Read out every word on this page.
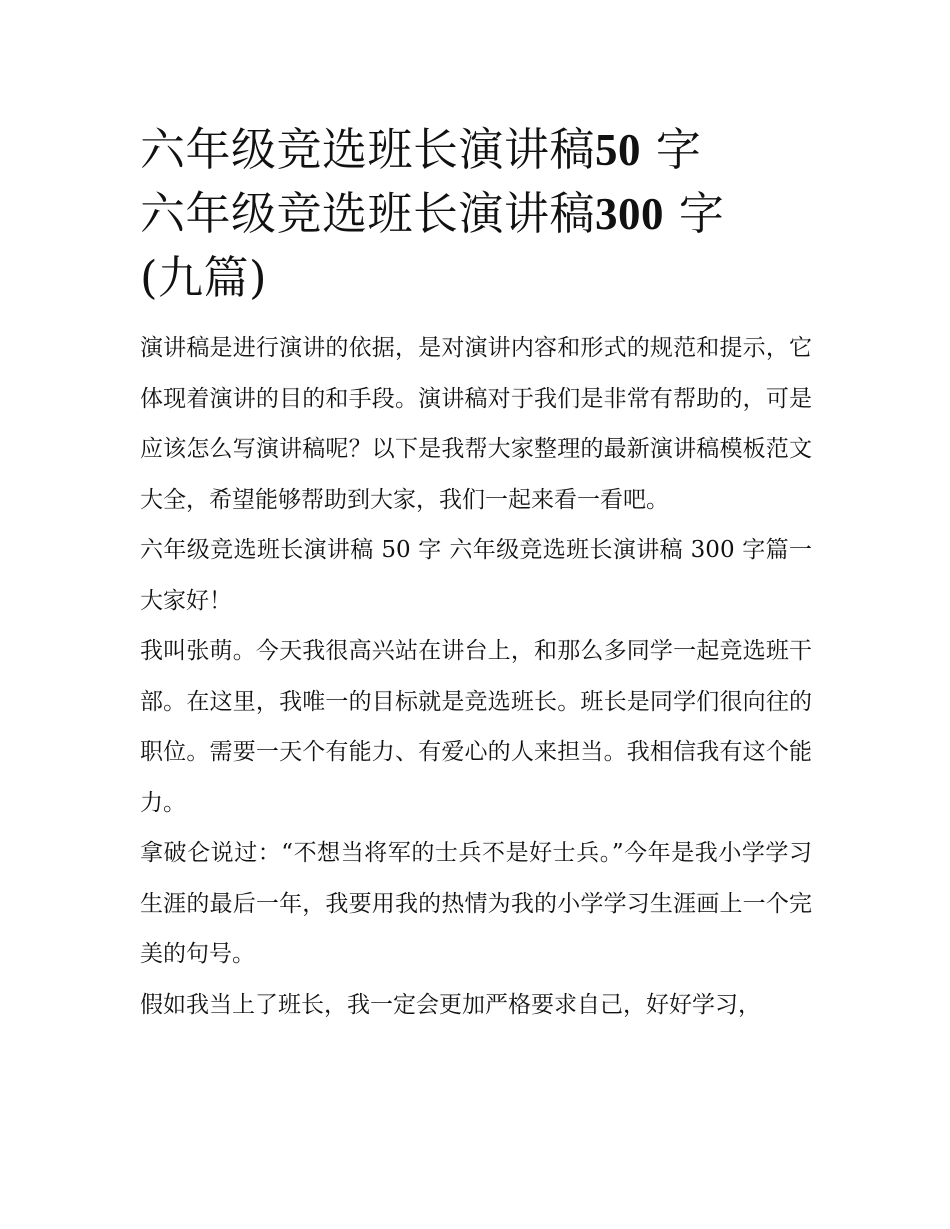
六年级竞选班长演讲稿50 字
六年级竞选班长演讲稿300 字
(九篇)

演讲稿是进行演讲的依据，是对演讲内容和形式的规范和提示，它体现着演讲的目的和手段。演讲稿对于我们是非常有帮助的，可是应该怎么写演讲稿呢？以下是我帮大家整理的最新演讲稿模板范文大全，希望能够帮助到大家，我们一起来看一看吧。

六年级竞选班长演讲稿 50 字 六年级竞选班长演讲稿 300 字篇一 大家好！

我叫张萌。今天我很高兴站在讲台上，和那么多同学一起竞选班干部。在这里，我唯一的目标就是竞选班长。班长是同学们很向往的职位。需要一天个有能力、有爱心的人来担当。我相信我有这个能力。

拿破仑说过：“不想当将军的士兵不是好士兵。”今年是我小学学习生涯的最后一年，我要用我的热情为我的小学学习生涯画上一个完美的句号。

假如我当上了班长，我一定会更加严格要求自己，好好学习，
